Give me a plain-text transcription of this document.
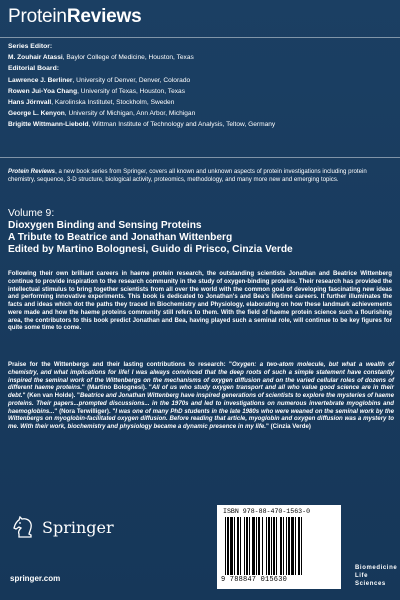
ProteinReviews
Series Editor:
M. Zouhair Atassi, Baylor College of Medicine, Houston, Texas
Editorial Board:
Lawrence J. Berliner, University of Denver, Denver, Colorado
Rowen Jui-Yoa Chang, University of Texas, Houston, Texas
Hans Jörnvall, Karolinska Institutet, Stockholm, Sweden
George L. Kenyon, University of Michigan, Ann Arbor, Michigan
Brigitte Wittmann-Liebold, Wittman Institute of Technology and Analysis, Teltow, Germany
Protein Reviews, a new book series from Springer, covers all known and unknown aspects of protein investigations including protein chemistry, sequence, 3-D structure, biological activity, proteomics, methodology, and many more new and emerging topics.
Volume 9:
Dioxygen Binding and Sensing Proteins
A Tribute to Beatrice and Jonathan Wittenberg
Edited by Martino Bolognesi, Guido di Prisco, Cinzia Verde
Following their own brilliant careers in haeme protein research, the outstanding scientists Jonathan and Beatrice Wittenberg continue to provide inspiration to the research community in the study of oxygen-binding proteins. Their research has provided the intellectual stimulus to bring together scientists from all over the world with the common goal of developing fascinating new ideas and performing innovative experiments. This book is dedicated to Jonathan's and Bea's lifetime careers. It further illuminates the facts and ideas which dot the paths they traced in Biochemistry and Physiology, elaborating on how these landmark achievements were made and how the haeme proteins community still refers to them. With the field of haeme protein science such a flourishing area, the contributors to this book predict Jonathan and Bea, having played such a seminal role, will continue to be key figures for quite some time to come.
Praise for the Wittenbergs and their lasting contributions to research: "Oxygen: a two-atom molecule, but what a wealth of chemistry, and what implications for life! I was always convinced that the deep roots of such a simple statement have constantly inspired the seminal work of the Wittenbergs on the mechanisms of oxygen diffusion and on the varied cellular roles of dozens of different haeme proteins." (Martino Bolognesi). "All of us who study oxygen transport and all who value good science are in their debt." (Ken van Holde). "Beatrice and Jonathan Wittenberg have inspired generations of scientists to explore the mysteries of haeme proteins. Their papers...prompted discussions... in the 1970s and led to investigations on numerous invertebrate myoglobins and haemoglobins..." (Nora Terwilliger). "I was one of many PhD students in the late 1980s who were weaned on the seminal work by the Wittenbergs on myoglobin-facilitated oxygen diffusion. Before reading that article, myoglobin and oxygen diffusion was a mystery to me. With their work, biochemistry and physiology became a dynamic presence in my life." (Cinzia Verde)
Springer
springer.com
ISBN 978-88-470-1563-0
9 788847 015630
Biomedicine
Life Sciences
